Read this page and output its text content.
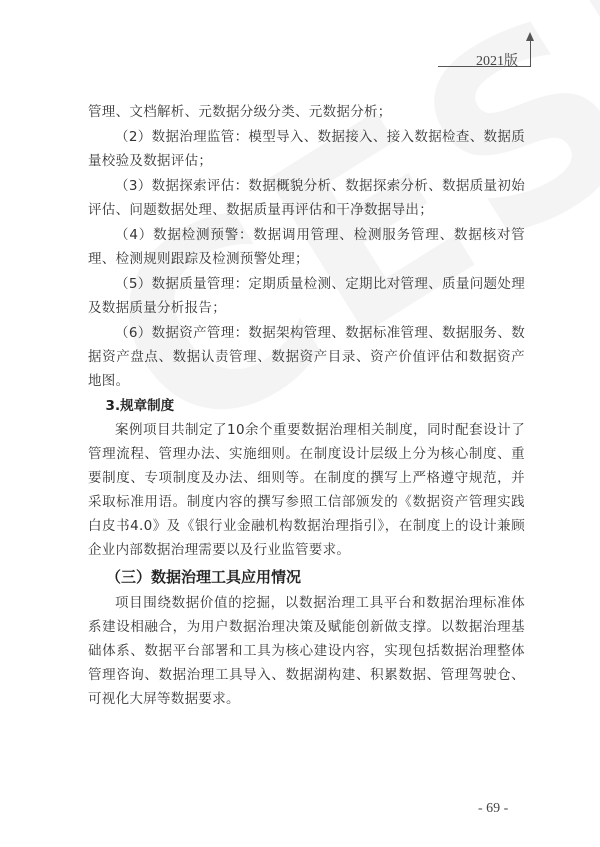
2021版

管理、文档解析、元数据分级分类、元数据分析；

（2）数据治理监管：模型导入、数据接入、接入数据检查、数据质量校验及数据评估；

（3）数据探索评估：数据概貌分析、数据探索分析、数据质量初始评估、问题数据处理、数据质量再评估和干净数据导出；

（4）数据检测预警：数据调用管理、检测服务管理、数据核对管理、检测规则跟踪及检测预警处理；

（5）数据质量管理：定期质量检测、定期比对管理、质量问题处理及数据质量分析报告；

（6）数据资产管理：数据架构管理、数据标准管理、数据服务、数据资产盘点、数据认责管理、数据资产目录、资产价值评估和数据资产地图。

3.规章制度

案例项目共制定了10余个重要数据治理相关制度，同时配套设计了管理流程、管理办法、实施细则。在制度设计层级上分为核心制度、重要制度、专项制度及办法、细则等。在制度的撰写上严格遵守规范，并采取标准用语。制度内容的撰写参照工信部颁发的《数据资产管理实践白皮书4.0》及《银行业金融机构数据治理指引》，在制度上的设计兼顾企业内部数据治理需要以及行业监管要求。

（三）数据治理工具应用情况

项目围绕数据价值的挖掘，以数据治理工具平台和数据治理标准体系建设相融合，为用户数据治理决策及赋能创新做支撑。以数据治理基础体系、数据平台部署和工具为核心建设内容，实现包括数据治理整体管理咨询、数据治理工具导入、数据湖构建、积累数据、管理驾驶仓、可视化大屏等数据要求。

- 69 -
